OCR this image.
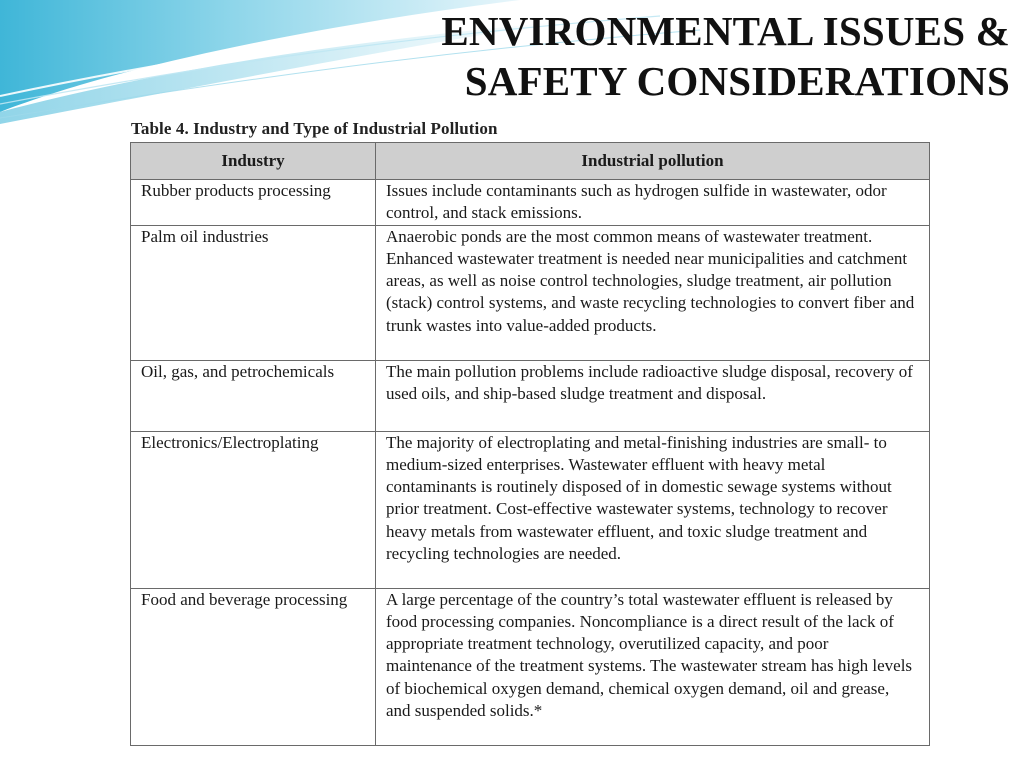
ENVIRONMENTAL ISSUES &
SAFETY CONSIDERATIONS
Table 4. Industry and Type of Industrial Pollution
Industry	Industrial pollution

Rubber products processing	Issues include contaminants such as hydrogen sulfide in wastewater, odor control, and stack emissions.

Palm oil industries	Anaerobic ponds are the most common means of wastewater treatment. Enhanced wastewater treatment is needed near municipalities and catchment areas, as well as noise control technologies, sludge treatment, air pollution (stack) control systems, and waste recycling technologies to convert fiber and trunk wastes into value-added products.

Oil, gas, and petrochemicals	The main pollution problems include radioactive sludge disposal, recovery of used oils, and ship-based sludge treatment and disposal.

Electronics/Electroplating	The majority of electroplating and metal-finishing industries are small- to medium-sized enterprises. Wastewater effluent with heavy metal contaminants is routinely disposed of in domestic sewage systems without prior treatment. Cost-effective wastewater systems, technology to recover heavy metals from wastewater effluent, and toxic sludge treatment and recycling technologies are needed.

Food and beverage processing	A large percentage of the country’s total wastewater effluent is released by food processing companies. Noncompliance is a direct result of the lack of appropriate treatment technology, overutilized capacity, and poor maintenance of the treatment systems. The wastewater stream has high levels of biochemical oxygen demand, chemical oxygen demand, oil and grease, and suspended solids.*
